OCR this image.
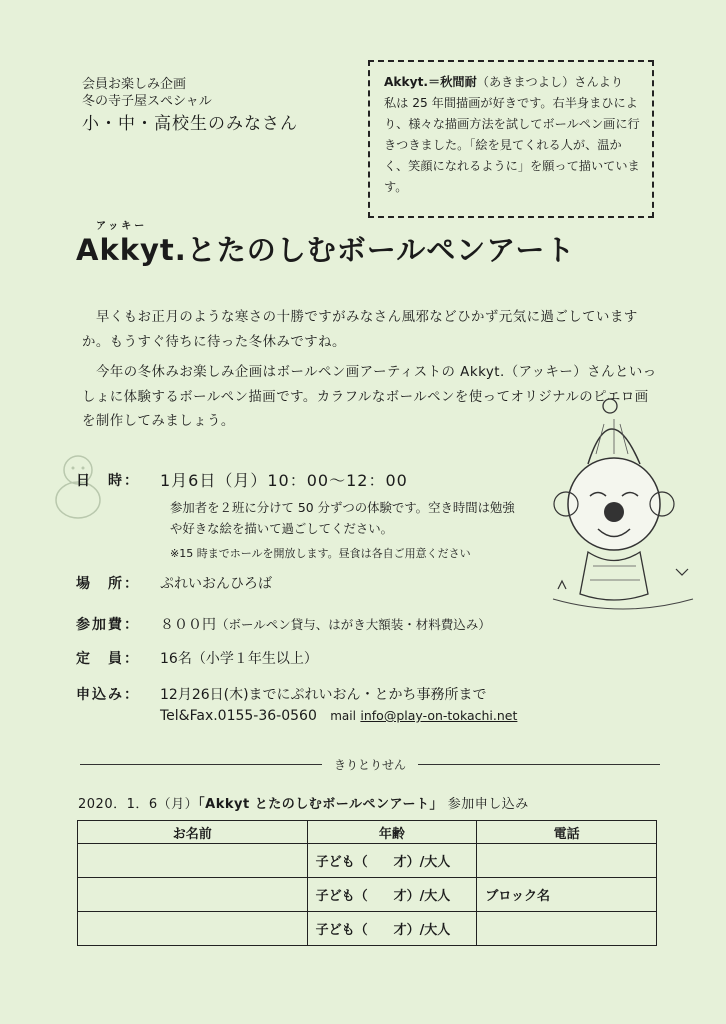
会員お楽しみ企画
冬の寺子屋スペシャル
小・中・高校生のみなさん
Akkyt.＝秋間耐（あきまつよし）さんより
私は 25 年間描画が好きです。右半身まひにより、様々な描画方法を試してボールペン画に行きつきました。「絵を見てくれる人が、温かく、笑顔になれるように」を願って描いています。
アッキー
Akkyt.とたのしむボールペンアート
早くもお正月のような寒さの十勝ですがみなさん風邪などひかず元気に過ごしていますか。もうすぐ待ちに待った冬休みですね。
今年の冬休みお楽しみ企画はボールペン画アーティストの Akkyt.（アッキー）さんといっしょに体験するボールペン描画です。カラフルなボールペンを使ってオリジナルのピエロ画を制作してみましょう。
日　時： 1月6日（月）10：00～12：00
参加者を２班に分けて 50 分ずつの体験です。空き時間は勉強や好きな絵を描いて過ごしてください。
※15 時までホールを開放します。昼食は各自ご用意ください
場　所： ぷれいおんひろば
参加費： ８００円（ボールペン貸与、はがき大額装・材料費込み）
定　員： 16名（小学１年生以上）
申込み： 12月26日(木)までにぷれいおん・とかち事務所まで
Tel&Fax.0155-36-0560 mail info@play-on-tokachi.net
きりとりせん
2020．1．6（月）「Akkyt とたのしむボールペンアート」 参加申し込み
お名前	年齢	電話
	子ども（　　才）/大人	
	子ども（　　才）/大人	ブロック名
	子ども（　　才）/大人	
